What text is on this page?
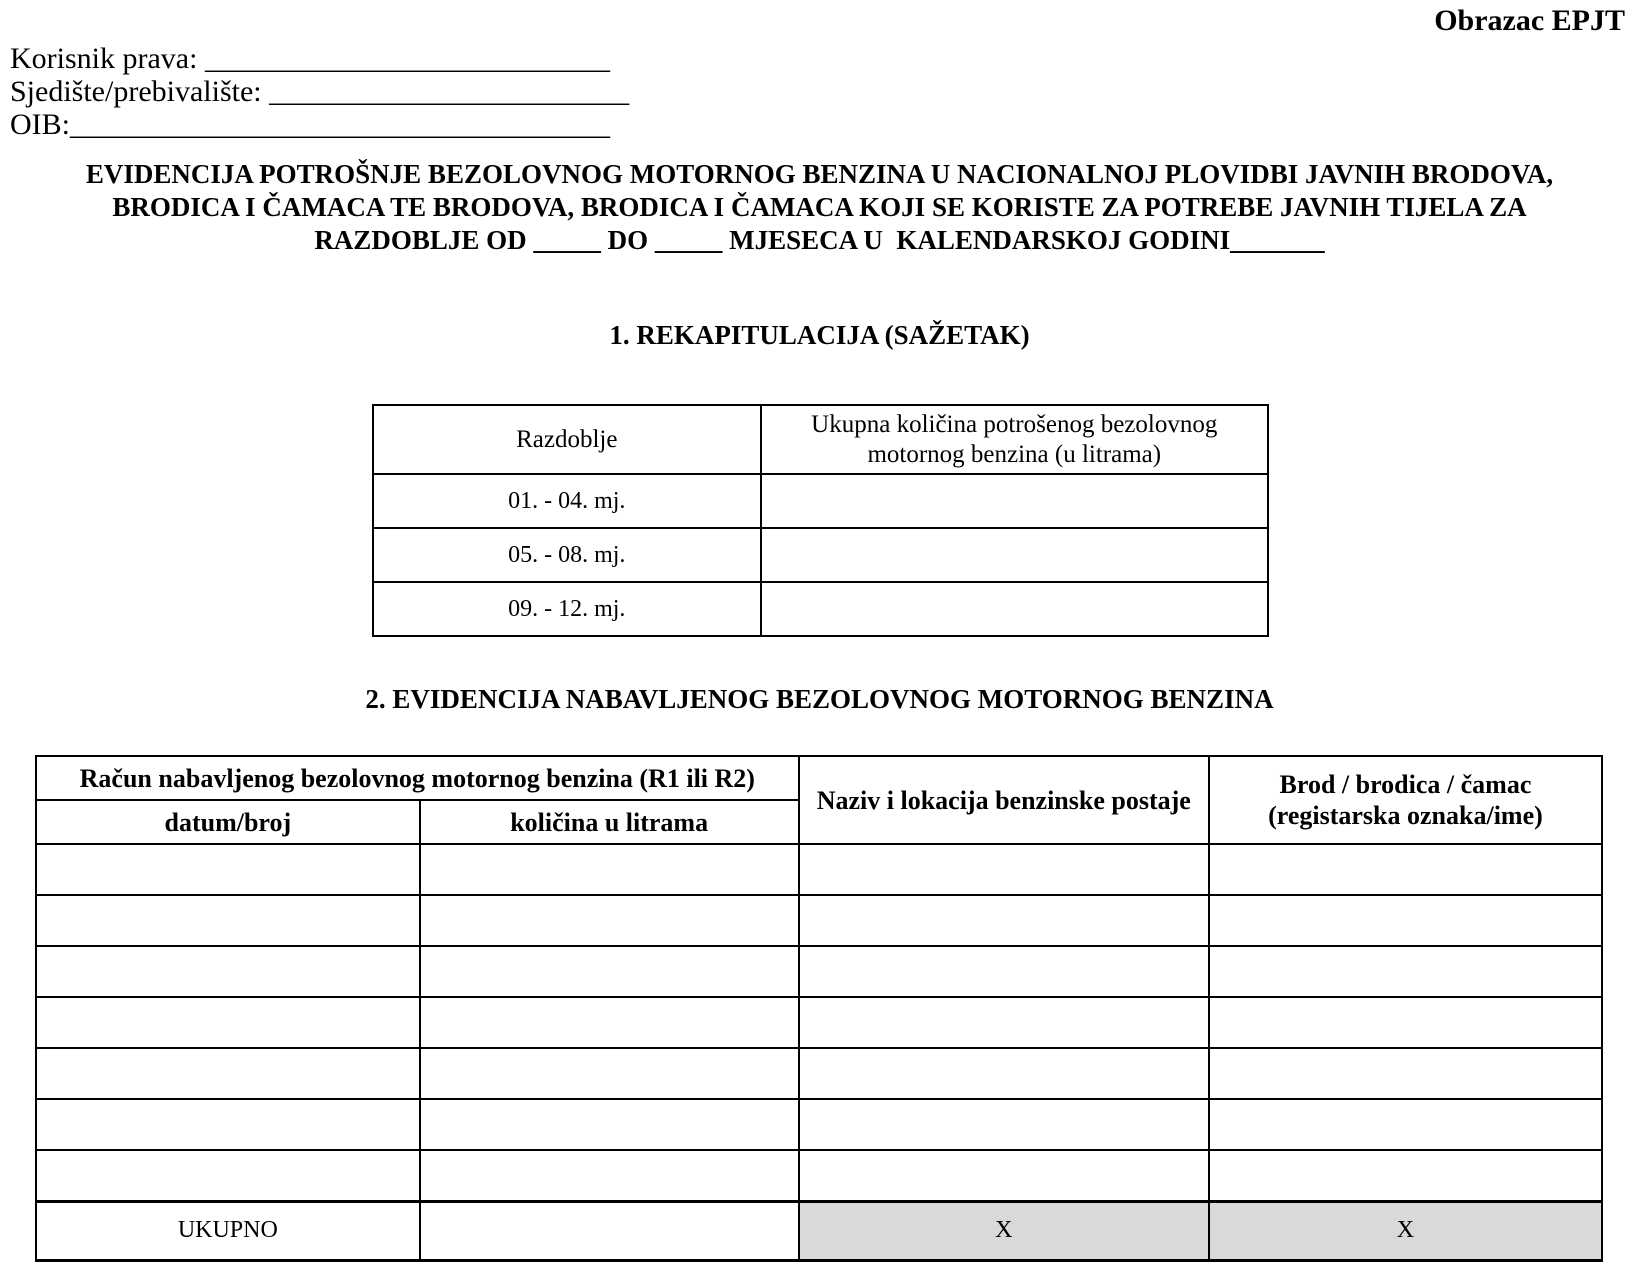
Obrazac EPJT
Korisnik prava: ___________________________
Sjedište/prebivalište: ________________________
OIB:____________________________________
EVIDENCIJA POTROŠNJE BEZOLOVNOG MOTORNOG BENZINA U NACIONALNOJ PLOVIDBI JAVNIH BRODOVA,
BRODICA I ČAMACA TE BRODOVA, BRODICA I ČAMACA KOJI SE KORISTE ZA POTREBE JAVNIH TIJELA ZA
RAZDOBLJE OD _____ DO _____ MJESECA U  KALENDARSKOJ GODINI_______
1. REKAPITULACIJA (SAŽETAK)
Razdoblje	Ukupna količina potrošenog bezolovnog motornog benzina (u litrama)
01. - 04. mj.	
05. - 08. mj.	
09. - 12. mj.	
2. EVIDENCIJA NABAVLJENOG BEZOLOVNOG MOTORNOG BENZINA
Račun nabavljenog bezolovnog motornog benzina (R1 ili R2)		Naziv i lokacija benzinske postaje	Brod / brodica / čamac
(registarska oznaka/ime)
datum/broj	količina u litrama		

UKUPNO		X	X
